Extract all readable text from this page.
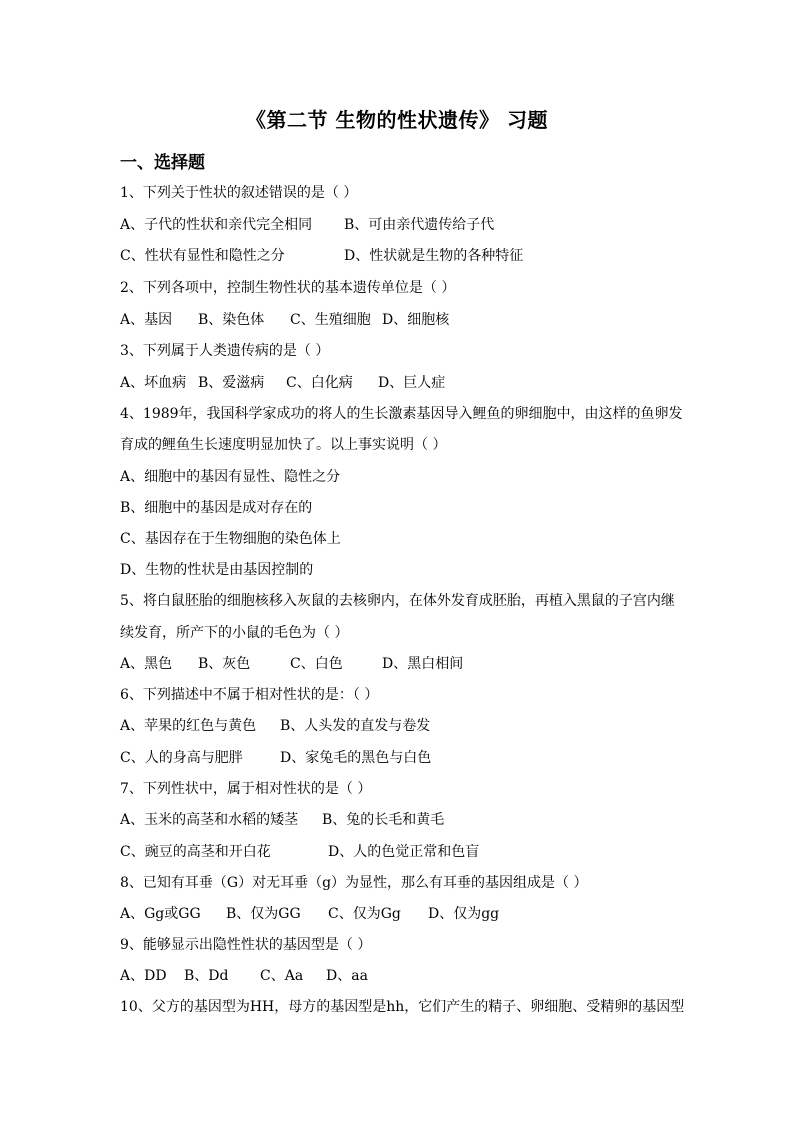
《第二节 生物的性状遗传》 习题
一、选择题
1、下列关于性状的叙述错误的是（ ）
A、子代的性状和亲代完全相同 B、可由亲代遗传给子代
C、性状有显性和隐性之分	D、性状就是生物的各种特征
2、下列各项中，控制生物性状的基本遗传单位是（ ）
A、基因 B、染色体 C、生殖细胞 D、细胞核
3、下列属于人类遗传病的是（ ）
A、坏血病 B、爱滋病 C、白化病 D、巨人症
4、1989年，我国科学家成功的将人的生长激素基因导入鲤鱼的卵细胞中，由这样的鱼卵发
育成的鲤鱼生长速度明显加快了。以上事实说明（ ）
A、细胞中的基因有显性、隐性之分
B、细胞中的基因是成对存在的
C、基因存在于生物细胞的染色体上
D、生物的性状是由基因控制的
5、将白鼠胚胎的细胞核移入灰鼠的去核卵内，在体外发育成胚胎，再植入黑鼠的子宫内继
续发育，所产下的小鼠的毛色为（ ）
A、黑色 B、灰色	C、白色	D、黑白相间
6、下列描述中不属于相对性状的是：（ ）
A、苹果的红色与黄色 B、人头发的直发与卷发
C、人的身高与肥胖	D、家兔毛的黑色与白色
7、下列性状中，属于相对性状的是（ ）
A、玉米的高茎和水稻的矮茎 B、兔的长毛和黄毛
C、豌豆的高茎和开白花	D、人的色觉正常和色盲
8、已知有耳垂（G）对无耳垂（g）为显性，那么有耳垂的基因组成是（ ）
A、Gg或GG B、仅为GG C、仅为Gg D、仅为gg
9、能够显示出隐性性状的基因型是（ ）
A、DD B、Dd C、Aa D、aa
10、父方的基因型为HH，母方的基因型是hh，它们产生的精子、卵细胞、受精卵的基因型
